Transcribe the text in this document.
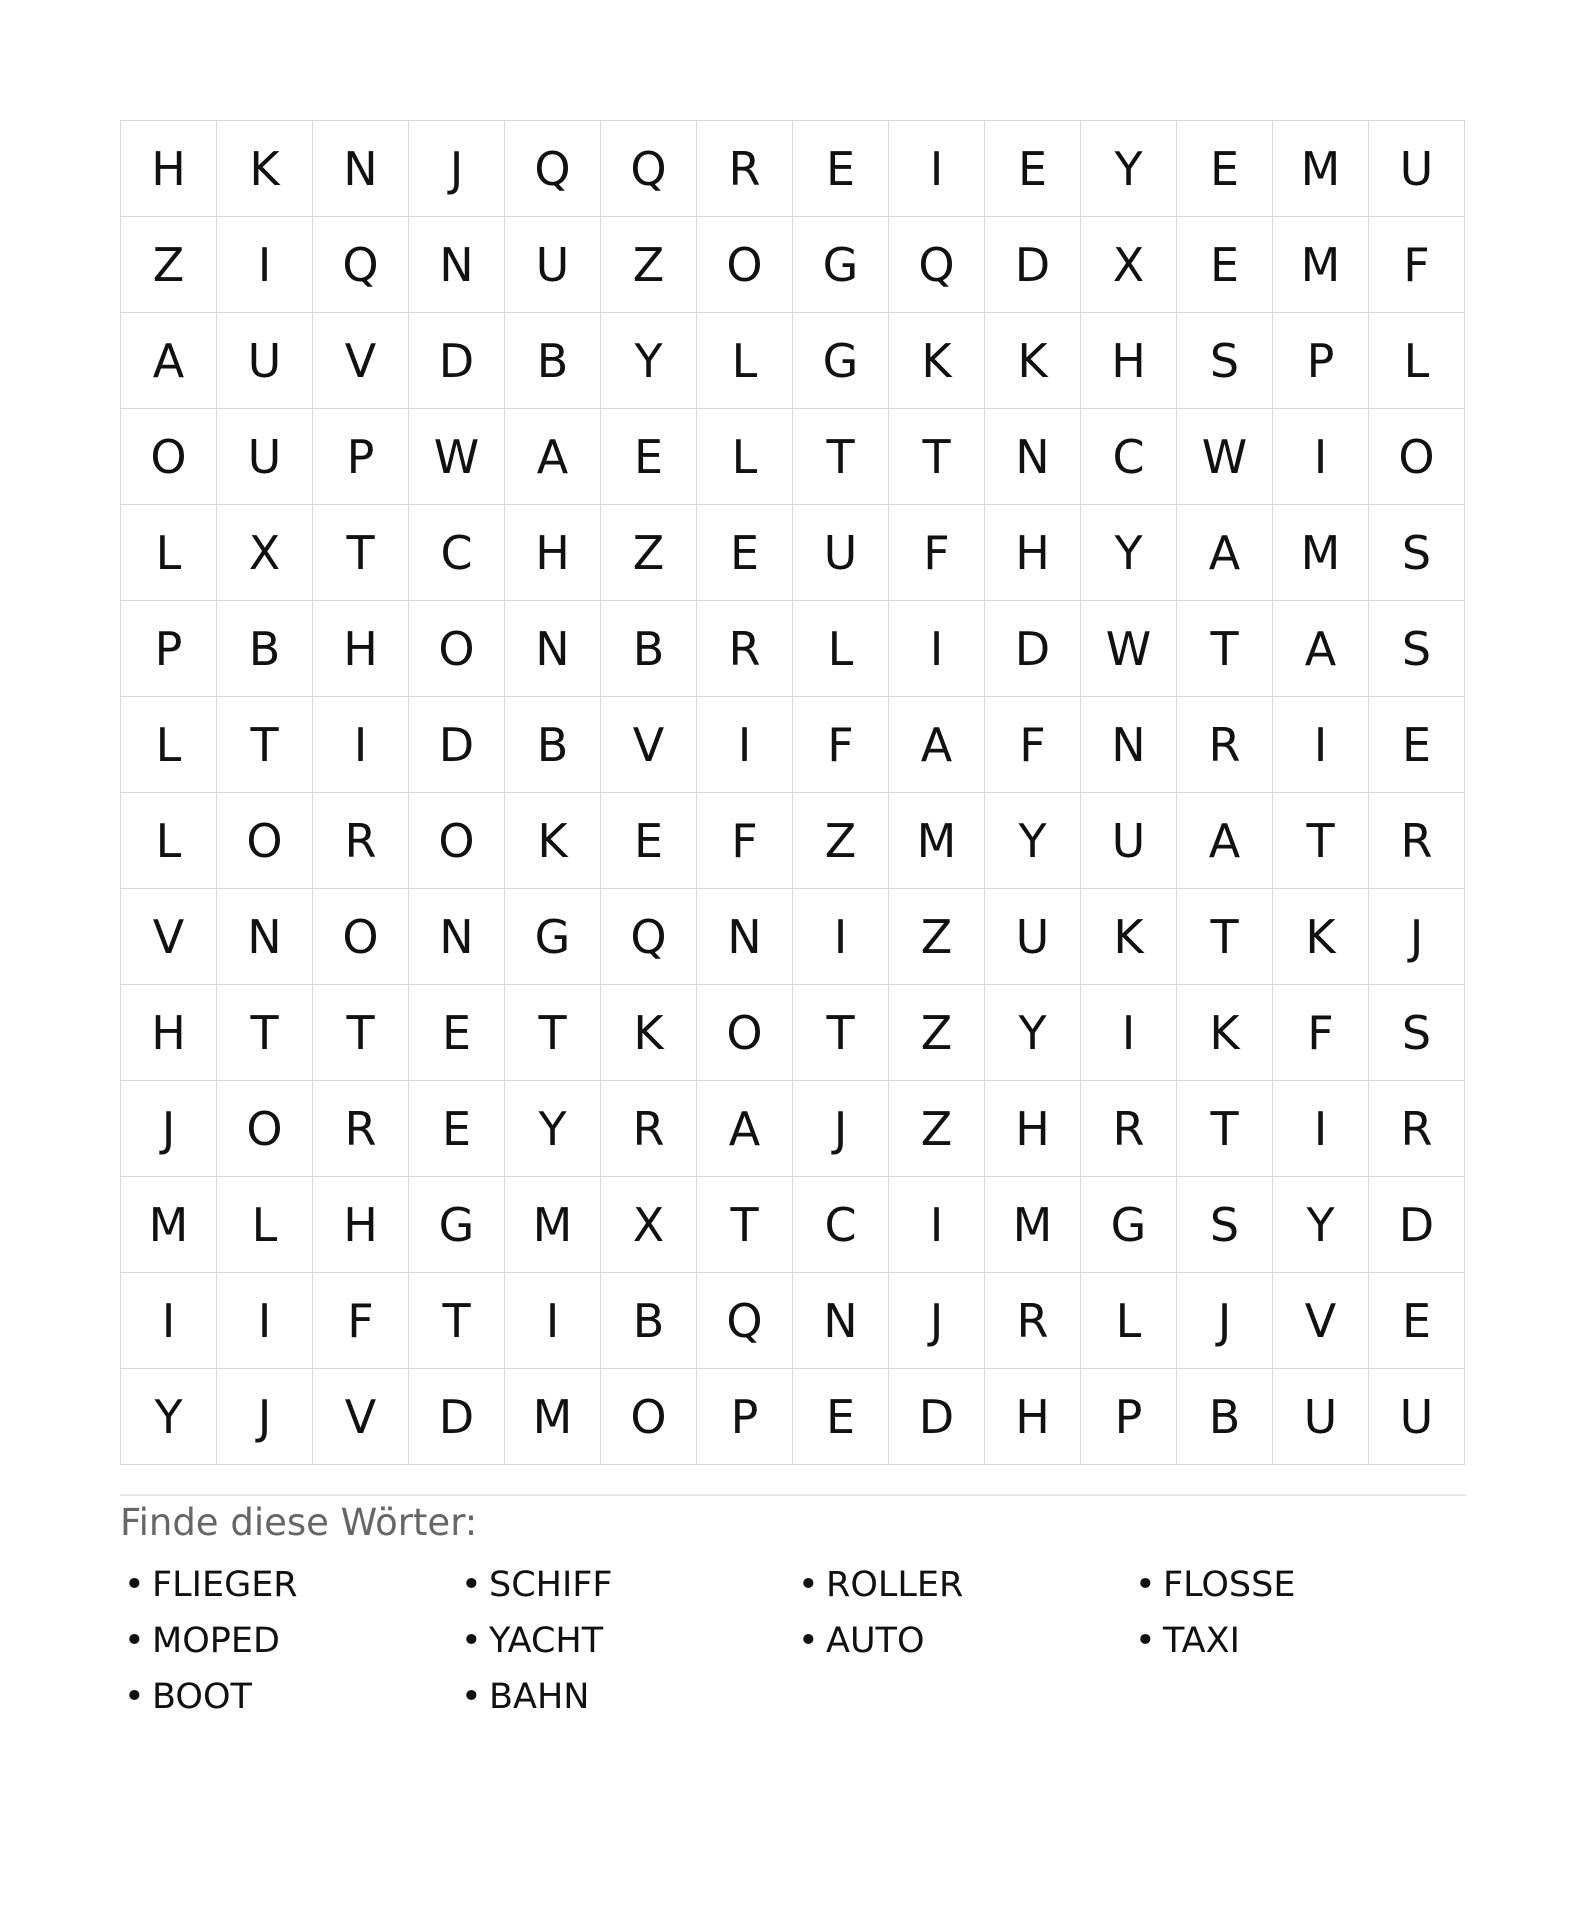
H	K	N	J	Q	Q	R	E	I	E	Y	E	M	U
Z	I	Q	N	U	Z	O	G	Q	D	X	E	M	F
A	U	V	D	B	Y	L	G	K	K	H	S	P	L
O	U	P	W	A	E	L	T	T	N	C	W	I	O
L	X	T	C	H	Z	E	U	F	H	Y	A	M	S
P	B	H	O	N	B	R	L	I	D	W	T	A	S
L	T	I	D	B	V	I	F	A	F	N	R	I	E
L	O	R	O	K	E	F	Z	M	Y	U	A	T	R
V	N	O	N	G	Q	N	I	Z	U	K	T	K	J
H	T	T	E	T	K	O	T	Z	Y	I	K	F	S
J	O	R	E	Y	R	A	J	Z	H	R	T	I	R
M	L	H	G	M	X	T	C	I	M	G	S	Y	D
I	I	F	T	I	B	Q	N	J	R	L	J	V	E
Y	J	V	D	M	O	P	E	D	H	P	B	U	U
Finde diese Wörter:
• FLIEGER	• SCHIFF	• ROLLER	• FLOSSE
• MOPED	• YACHT	• AUTO	• TAXI
• BOOT	• BAHN
